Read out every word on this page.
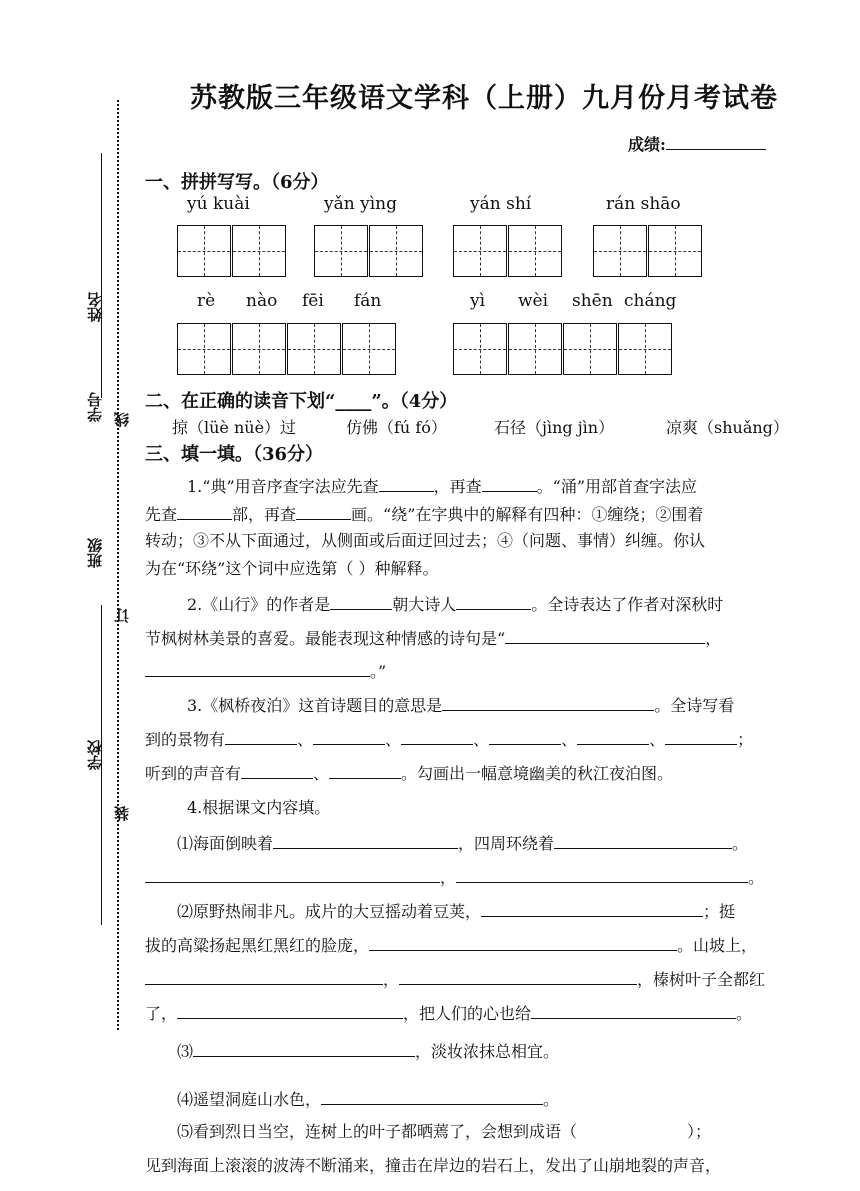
姓名
学号
班级
学校
线
订
装
苏教版三年级语文学科（上册）九月份月考试卷
成绩:
一、拼拼写写。（6分）
yú kuài	yǎn yìng	yán shí	rán shāo
rè nào fēi fán	yì wèi shēn cháng
二、在正确的读音下划“____”。（4分）
掠（lüè nüè）过	仿佛（fú fó）	石径（jìng jìn）	凉爽（shuǎng）
三、填一填。（36分）
1.“典”用音序查字法应先查	，再查	。“涌”用部首查字法应
先查	部，再查	画。“绕”在字典中的解释有四种：①缠绕；②围着
转动；③不从下面通过，从侧面或后面迂回过去；④（问题、事情）纠缠。你认
为在“环绕”这个词中应选第（ ）种解释。
2.《山行》的作者是	朝大诗人	。全诗表达了作者对深秋时
节枫树林美景的喜爱。最能表现这种情感的诗句是“	，
。”
3.《枫桥夜泊》这首诗题目的意思是	。全诗写看
到的景物有	、	、	、	、	、	；
听到的声音有	、	。勾画出一幅意境幽美的秋江夜泊图。
4.根据课文内容填。
⑴海面倒映着	，四周环绕着	。
，	。
⑵原野热闹非凡。成片的大豆摇动着豆荚，	；挺
拔的高粱扬起黑红黑红的脸庞，	。山坡上，
，	，榛树叶子全都红
了，	，把人们的心也给	。
⑶	，淡妆浓抹总相宜。
⑷遥望洞庭山水色，	。
⑸看到烈日当空，连树上的叶子都晒蔫了，会想到成语（	）；
见到海面上滚滚的波涛不断涌来，撞击在岸边的岩石上，发出了山崩地裂的声音，
